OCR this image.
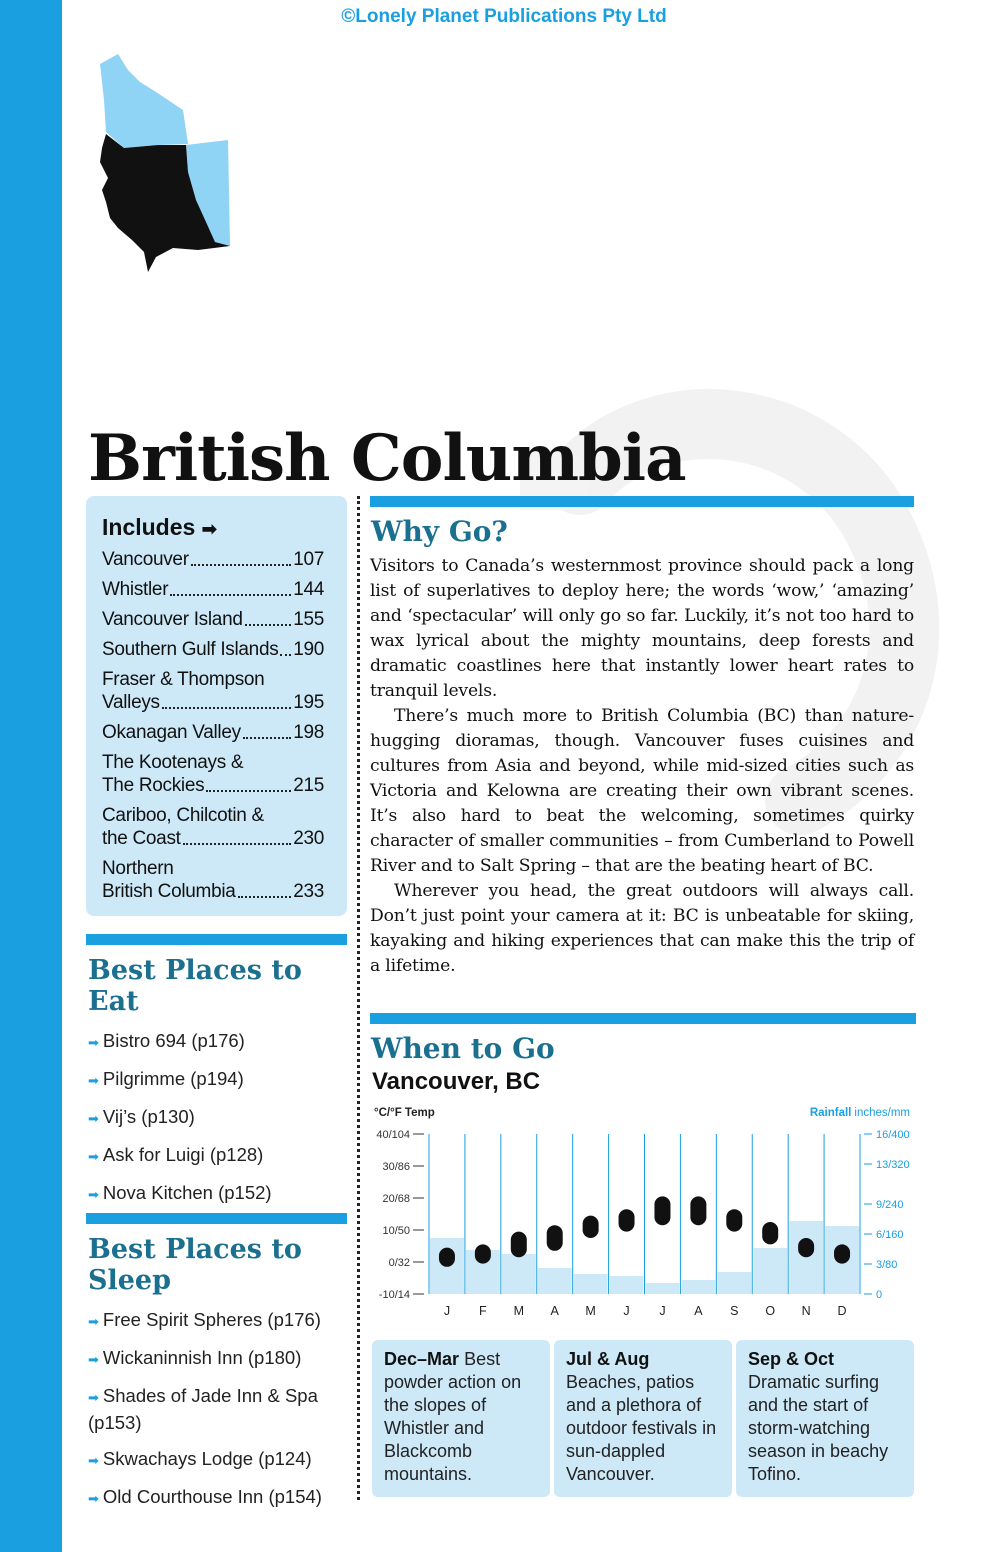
©Lonely Planet Publications Pty Ltd
British Columbia
Includes ➡
Vancouver	107
Whistler	144
Vancouver Island	155
Southern Gulf Islands 190
Fraser & Thompson
Valleys	195
Okanagan Valley	198
The Kootenays &
The Rockies	215
Cariboo, Chilcotin &
the Coast	230
Northern
British Columbia	233
Best Places to
Eat
➡ Bistro 694 (p176)
➡ Pilgrimme (p194)
➡ Vij’s (p130)
➡ Ask for Luigi (p128)
➡ Nova Kitchen (p152)
Best Places to
Sleep
➡ Free Spirit Spheres (p176)
➡ Wickaninnish Inn (p180)
➡ Shades of Jade Inn & Spa (p153)
➡ Skwachays Lodge (p124)
➡ Old Courthouse Inn (p154)
Why Go?

Visitors to Canada’s westernmost province should pack a long list of superlatives to deploy here; the words ‘wow,’ ‘amazing’ and ‘spectacular’ will only go so far. Luckily, it’s not too hard to wax lyrical about the mighty mountains, deep forests and dramatic coastlines here that instantly lower heart rates to tranquil levels.

There’s much more to British Columbia (BC) than nature-hugging dioramas, though. Vancouver fuses cuisines and cultures from Asia and beyond, while mid-sized cities such as Victoria and Kelowna are creating their own vibrant scenes. It’s also hard to beat the welcoming, sometimes quirky character of smaller communities – from Cumberland to Powell River and to Salt Spring – that are the beating heart of BC.

Wherever you head, the great outdoors will always call. Don’t just point your camera at it: BC is unbeatable for skiing, kayaking and hiking experiences that can make this the trip of a lifetime.

When to Go
Vancouver, BC
°C/°F Temp	Rainfall inches/mm
40/104
30/86
20/68
10/50
0/32
-10/14
16/400
13/320
9/240
6/160
3/80
0
J F M A M J J A S O N D
Dec–Mar Best powder action on the slopes of Whistler and Blackcomb mountains.
Jul & Aug
Beaches, patios and a plethora of outdoor festivals in sun-dappled Vancouver.
Sep & Oct
Dramatic surfing and the start of storm-watching season in beachy Tofino.
